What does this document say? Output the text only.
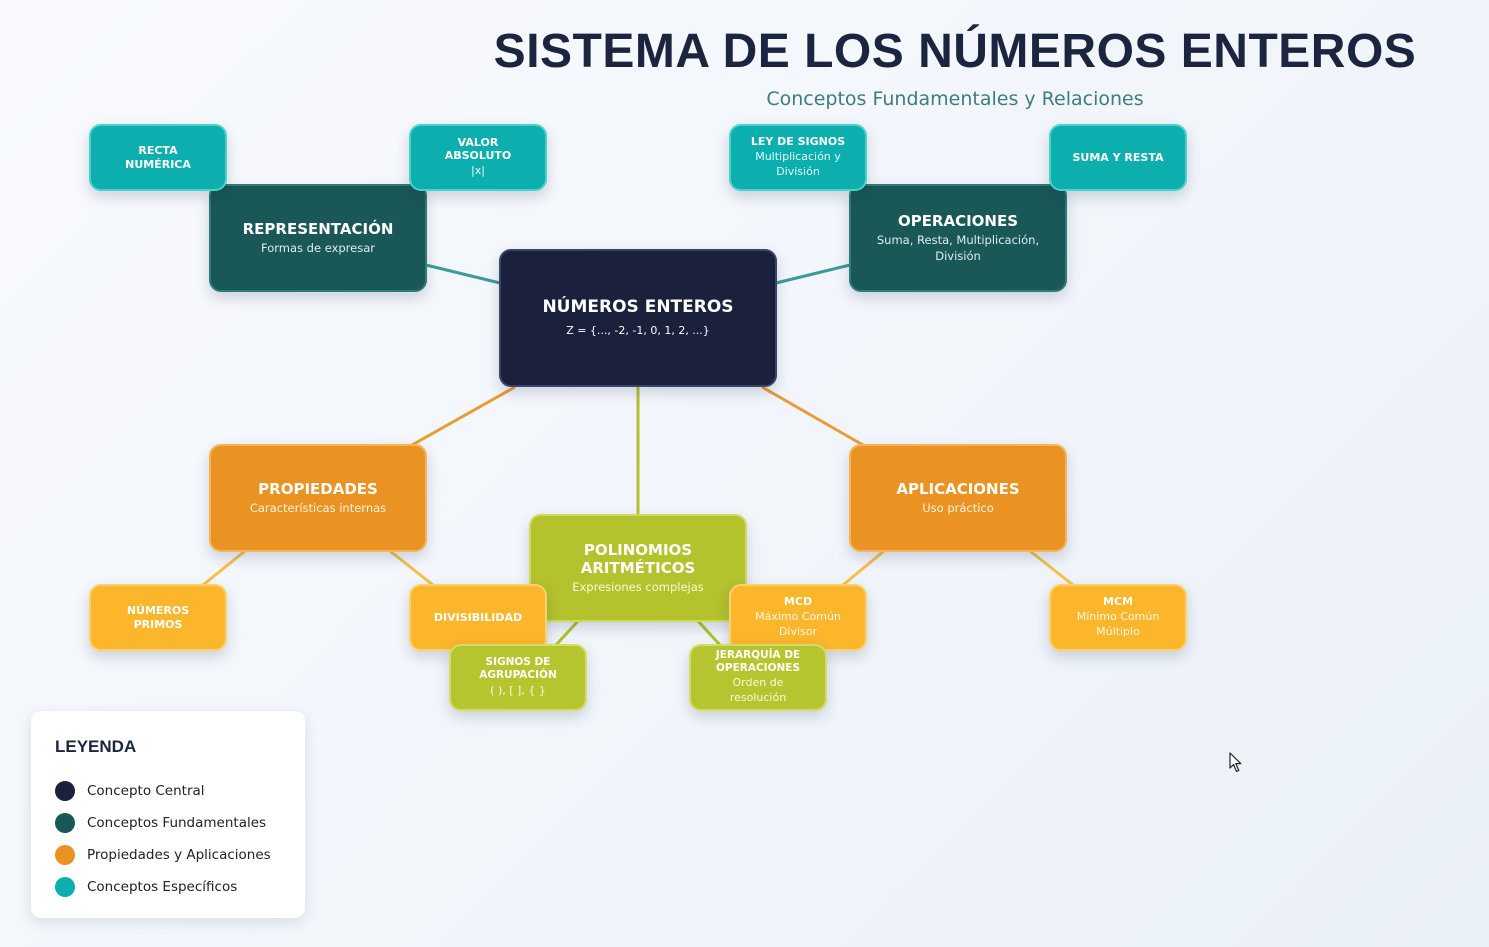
SISTEMA DE LOS NÚMEROS ENTEROS

Conceptos Fundamentales y Relaciones

REPRESENTACIÓN
Formas de expresar
OPERACIONES
Suma, Resta, Multiplicación, División
RECTA NUMÉRICA
VALOR ABSOLUTO
|x|
LEY DE SIGNOS
Multiplicación y División
SUMA Y RESTA
NÚMEROS ENTEROS
Z = {..., -2, -1, 0, 1, 2, ...}
PROPIEDADES
Características internas
APLICACIONES
Uso práctico
POLINOMIOS ARITMÉTICOS
Expresiones complejas
NÚMEROS PRIMOS
DIVISIBILIDAD
MCD
Máximo Común Divisor
MCM
Mínimo Común Múltiplo
SIGNOS DE AGRUPACIÓN
( ), [ ], { }
JERARQUÍA DE OPERACIONES
Orden de resolución
LEYENDA
Concepto Central
Conceptos Fundamentales
Propiedades y Aplicaciones
Conceptos Específicos
